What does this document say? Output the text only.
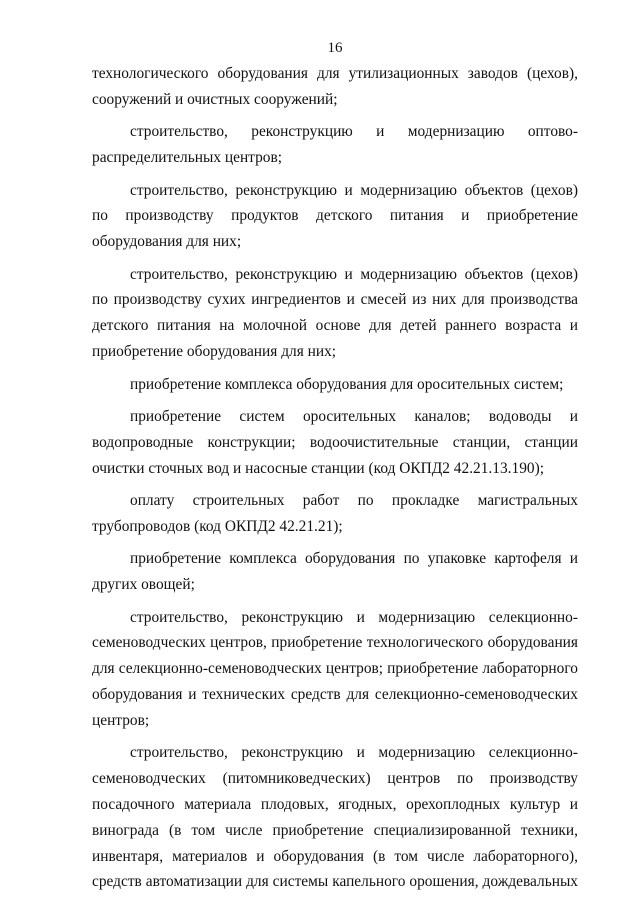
16

технологического оборудования для утилизационных заводов (цехов), сооружений и очистных сооружений;

строительство, реконструкцию и модернизацию оптово-распределительных центров;

строительство, реконструкцию и модернизацию объектов (цехов) по производству продуктов детского питания и приобретение оборудования для них;

строительство, реконструкцию и модернизацию объектов (цехов) по производству сухих ингредиентов и смесей из них для производства детского питания на молочной основе для детей раннего возраста и приобретение оборудования для них;

приобретение комплекса оборудования для оросительных систем;

приобретение систем оросительных каналов; водоводы и водопроводные конструкции; водоочистительные станции, станции очистки сточных вод и насосные станции (код ОКПД2 42.21.13.190);

оплату строительных работ по прокладке магистральных трубопроводов (код ОКПД2 42.21.21);

приобретение комплекса оборудования по упаковке картофеля и других овощей;

строительство, реконструкцию и модернизацию селекционно-семеноводческих центров, приобретение технологического оборудования для селекционно-семеноводческих центров; приобретение лабораторного оборудования и технических средств для селекционно-семеноводческих центров;

строительство, реконструкцию и модернизацию селекционно-семеноводческих (питомниковедческих) центров по производству посадочного материала плодовых, ягодных, орехоплодных культур и винограда (в том числе приобретение специализированной техники, инвентаря, материалов и оборудования (в том числе лабораторного), средств автоматизации для системы капельного орошения, дождевальных
